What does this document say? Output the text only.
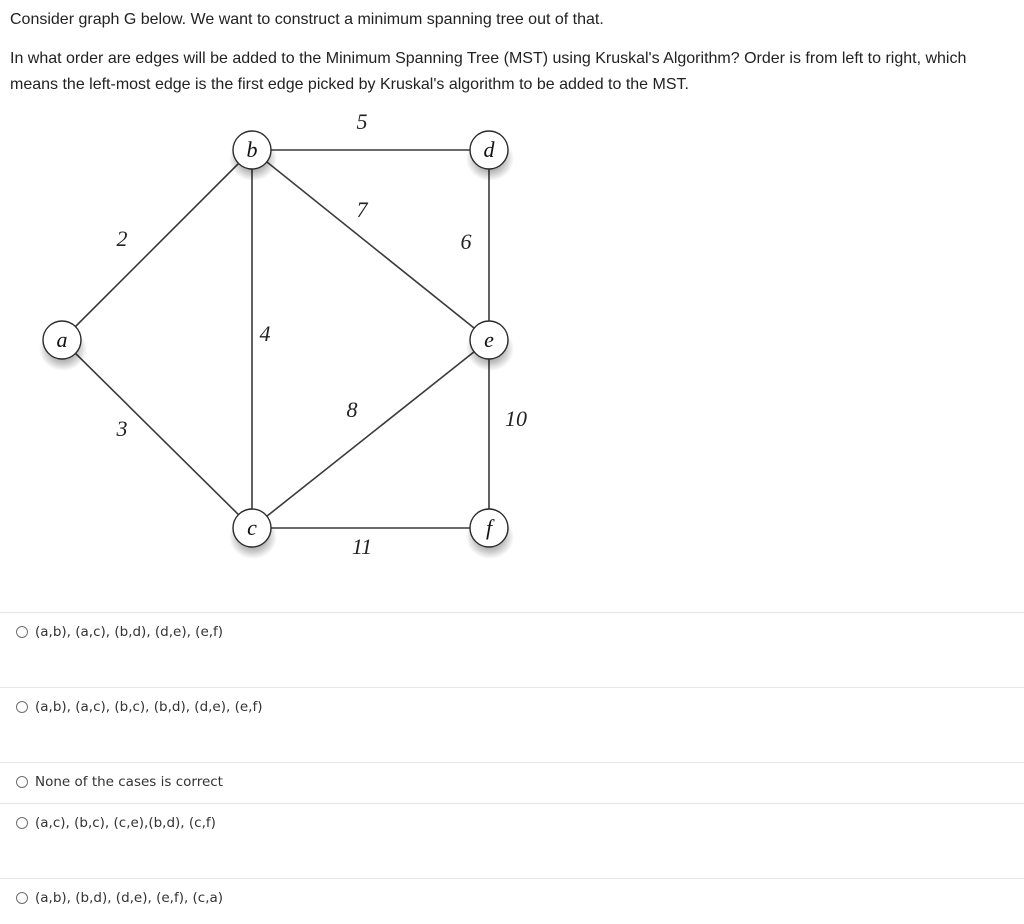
Consider graph G below. We want to construct a minimum spanning tree out of that.
In what order are edges will be added to the Minimum Spanning Tree (MST) using Kruskal's Algorithm? Order is from left to right, which means the left-most edge is the first edge picked by Kruskal's algorithm to be added to the MST.
2
3
4
5
6
7
8	10
11
a
b
c
d
e
f
(a,b), (a,c), (b,d), (d,e), (e,f)
(a,b), (a,c), (b,c), (b,d), (d,e), (e,f)
None of the cases is correct
(a,c), (b,c), (c,e),(b,d), (c,f)
(a,b), (b,d), (d,e), (e,f), (c,a)
